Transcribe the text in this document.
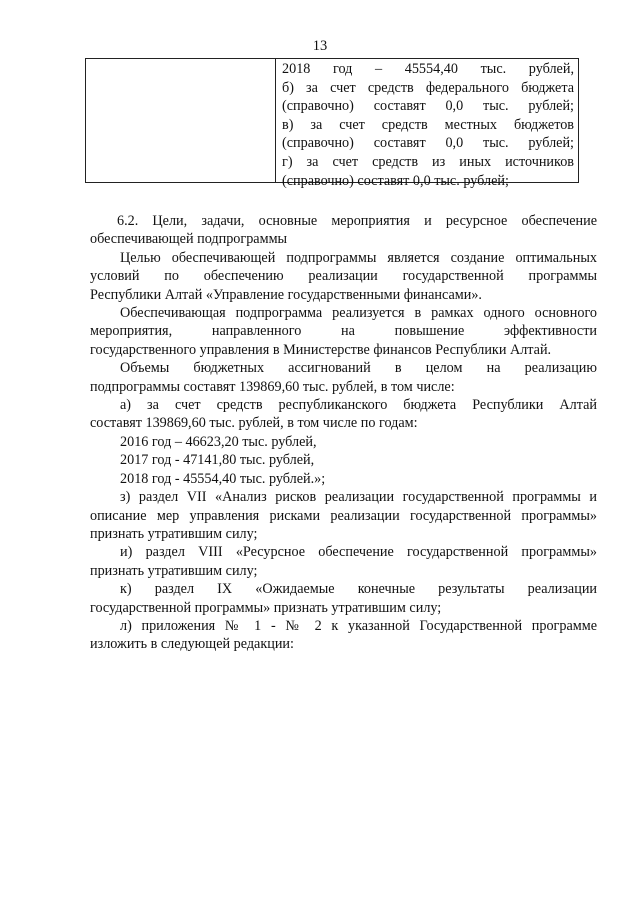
13
2018 год – 45554,40 тыс. рублей,
б) за счет средств федерального бюджета
(справочно) составят 0,0 тыс. рублей;
в) за счет средств местных бюджетов
(справочно) составят 0,0 тыс. рублей;
г) за счет средств из иных источников
(справочно) составят 0,0 тыс. рублей;
6.2. Цели, задачи, основные мероприятия и ресурсное обеспечение
обеспечивающей подпрограммы
Целью обеспечивающей подпрограммы является создание оптимальных
условий по обеспечению реализации государственной программы
Республики Алтай «Управление государственными финансами».
Обеспечивающая подпрограмма реализуется в рамках одного основного
мероприятия, направленного на повышение эффективности
государственного управления в Министерстве финансов Республики Алтай.
Объемы бюджетных ассигнований в целом на реализацию
подпрограммы составят 139869,60 тыс. рублей, в том числе:
а) за счет средств республиканского бюджета Республики Алтай
составят 139869,60 тыс. рублей, в том числе по годам:
2016 год – 46623,20 тыс. рублей,
2017 год - 47141,80 тыс. рублей,
2018 год - 45554,40 тыс. рублей.»;
з) раздел VII «Анализ рисков реализации государственной программы и
описание мер управления рисками реализации государственной программы»
признать утратившим силу;
и) раздел VIII «Ресурсное обеспечение государственной программы»
признать утратившим силу;
к) раздел IX «Ожидаемые конечные результаты реализации
государственной программы» признать утратившим силу;
л) приложения № 1 - № 2 к указанной Государственной программе
изложить в следующей редакции:
